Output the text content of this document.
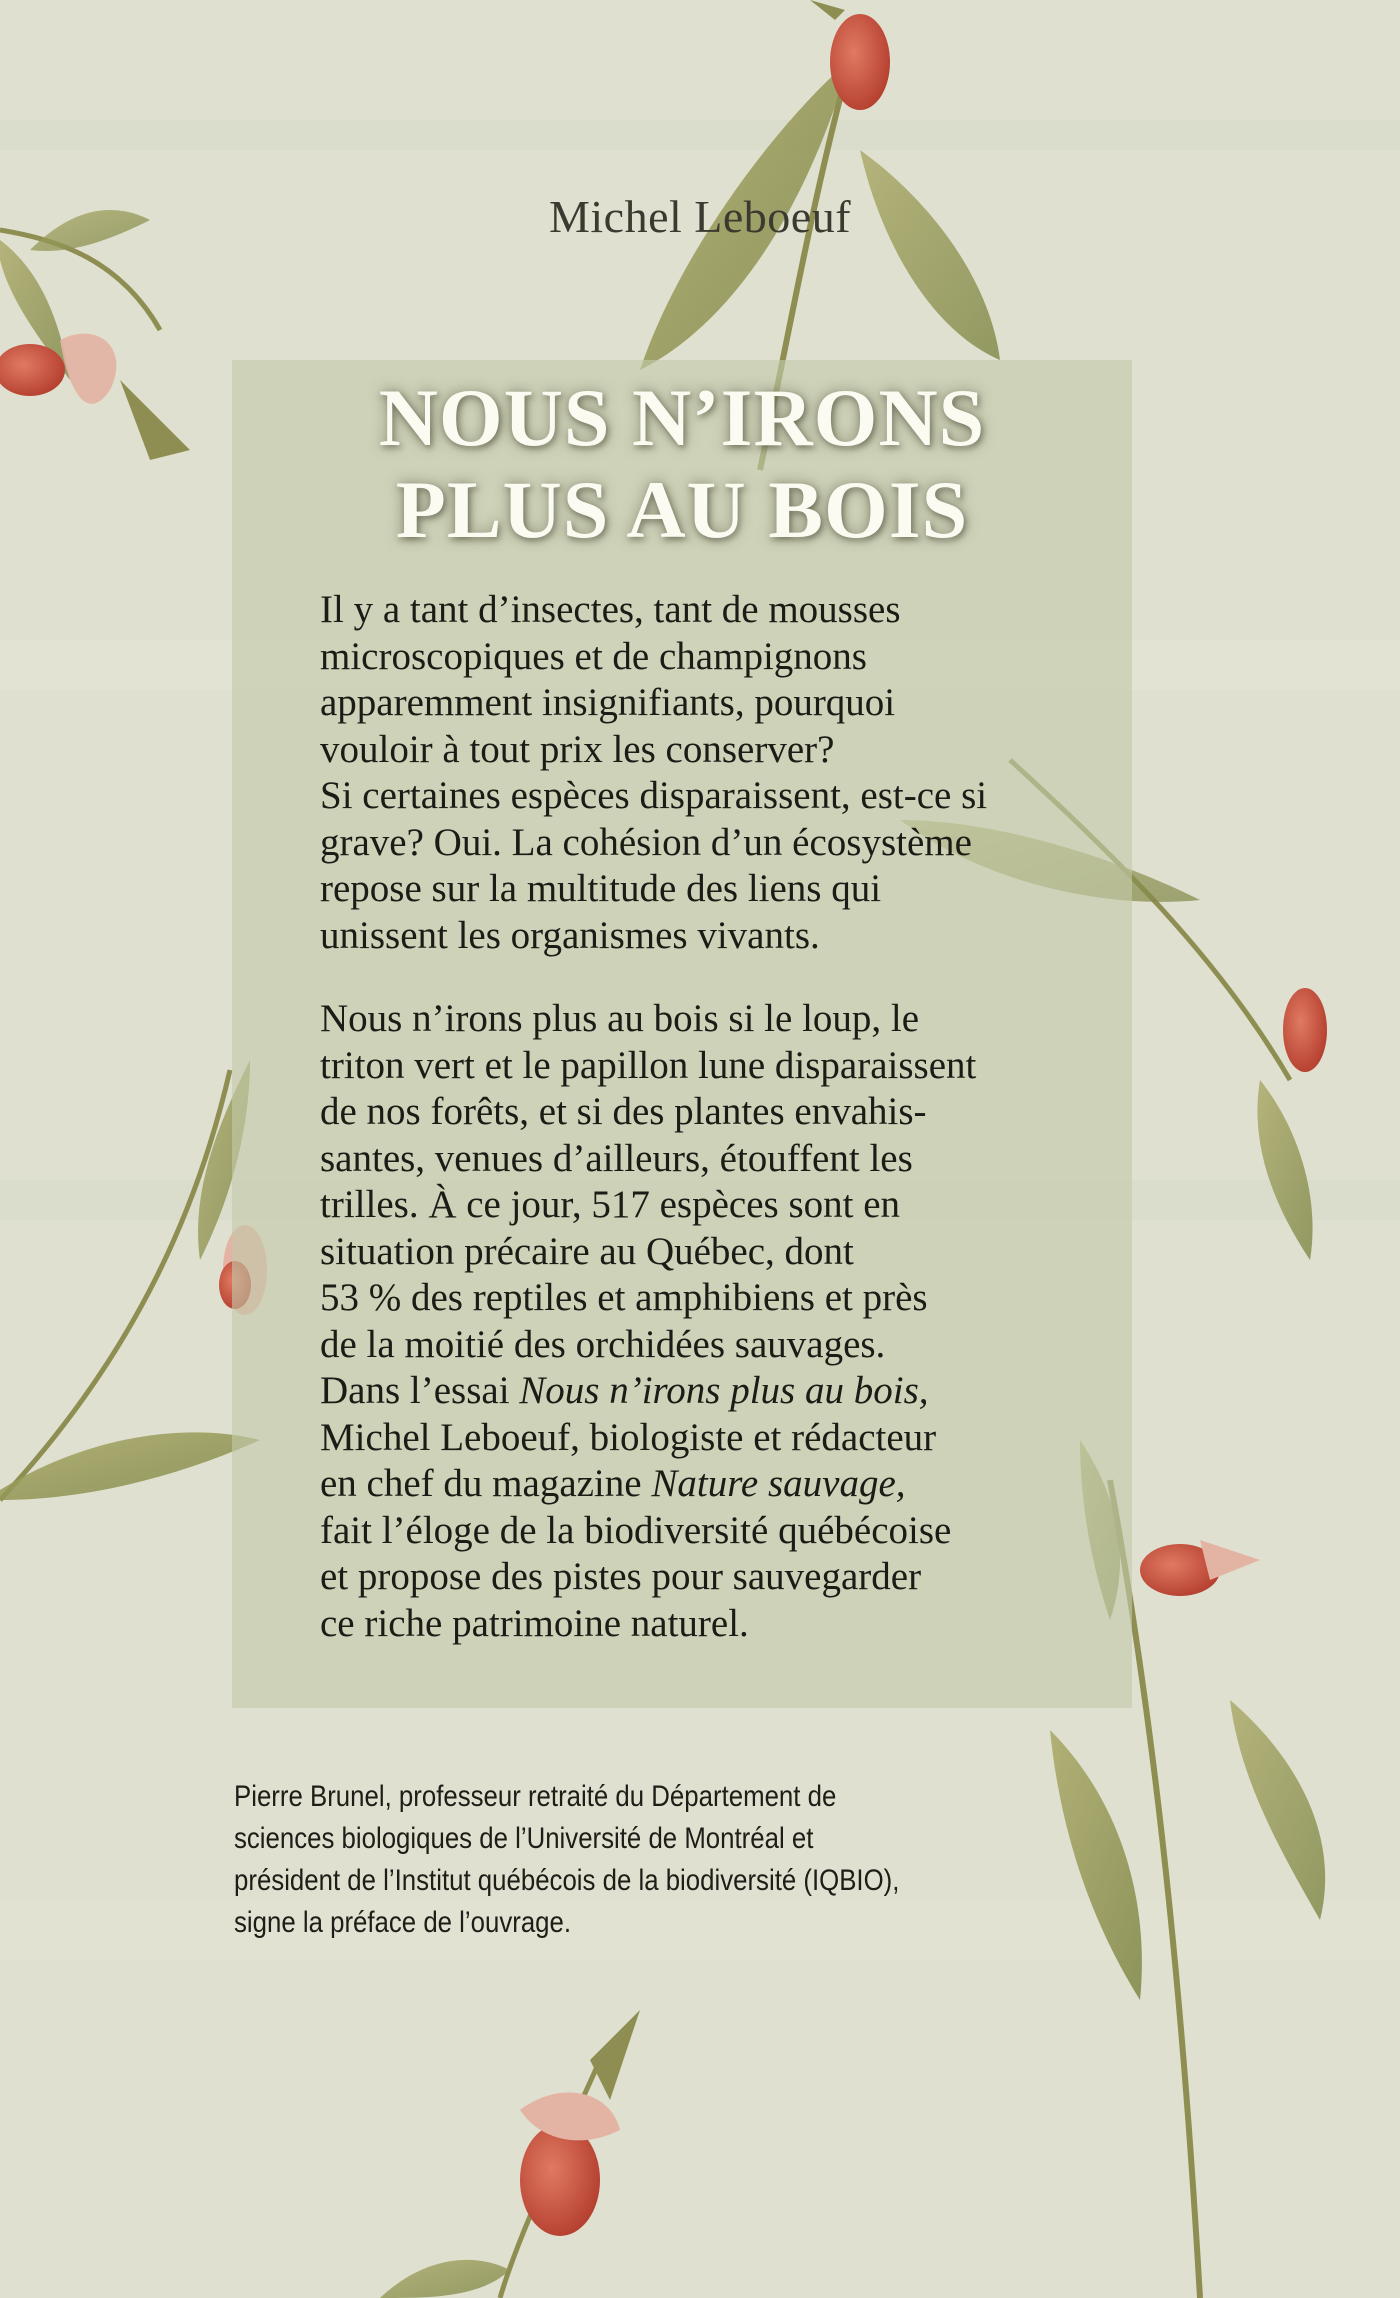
Michel Leboeuf
NOUS N’IRONS
PLUS AU BOIS
Il y a tant d’insectes, tant de mousses
microscopiques et de champignons
apparemment insignifiants, pourquoi
vouloir à tout prix les conserver?
Si certaines espèces disparaissent, est-ce si
grave? Oui. La cohésion d’un écosystème
repose sur la multitude des liens qui
unissent les organismes vivants.
Nous n’irons plus au bois si le loup, le
triton vert et le papillon lune disparaissent
de nos forêts, et si des plantes envahis-
santes, venues d’ailleurs, étouffent les
trilles. À ce jour, 517 espèces sont en
situation précaire au Québec, dont
53 % des reptiles et amphibiens et près
de la moitié des orchidées sauvages.
Dans l’essai Nous n’irons plus au bois,
Michel Leboeuf, biologiste et rédacteur
en chef du magazine Nature sauvage,
fait l’éloge de la biodiversité québécoise
et propose des pistes pour sauvegarder
ce riche patrimoine naturel.
Pierre Brunel, professeur retraité du Département de
sciences biologiques de l’Université de Montréal et
président de l’Institut québécois de la biodiversité (IQBIO),
signe la préface de l’ouvrage.
